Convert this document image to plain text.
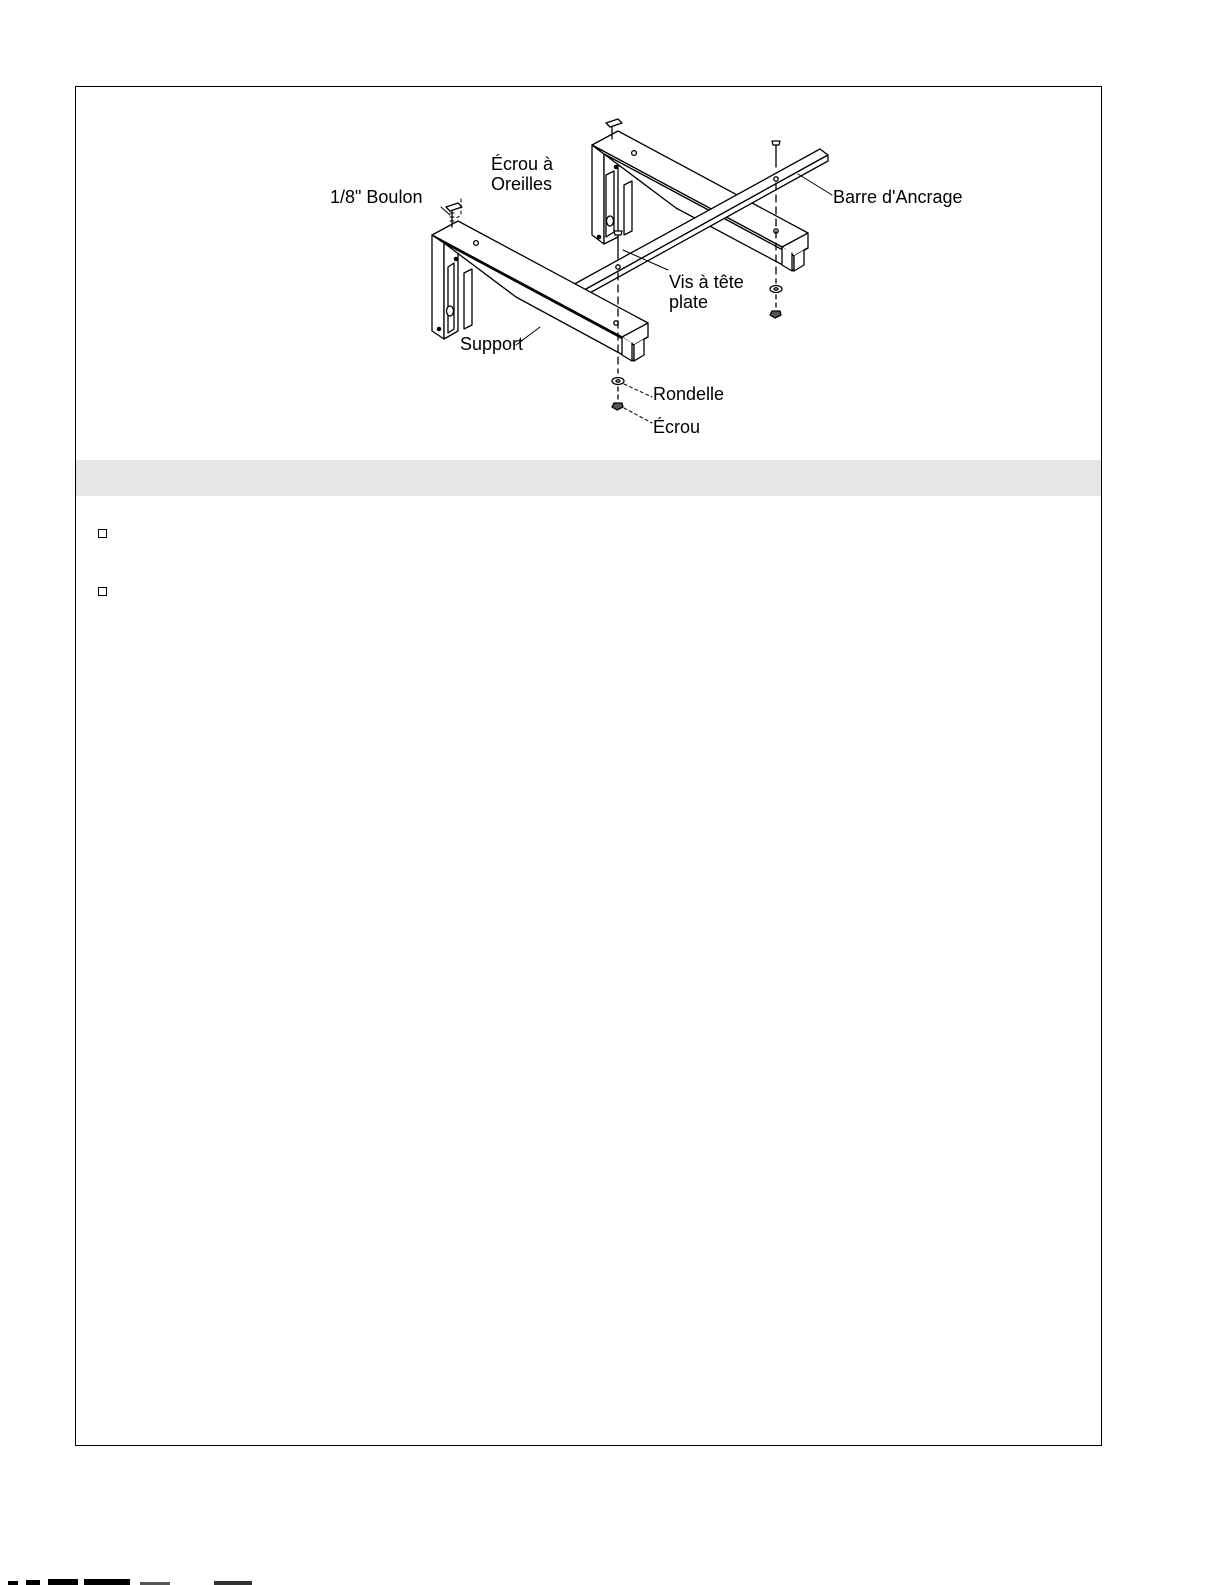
Écrou à
Oreilles
1/8" Boulon	Barre d'Ancrage
Vis à tête
plate
Support
Rondelle
Écrou
